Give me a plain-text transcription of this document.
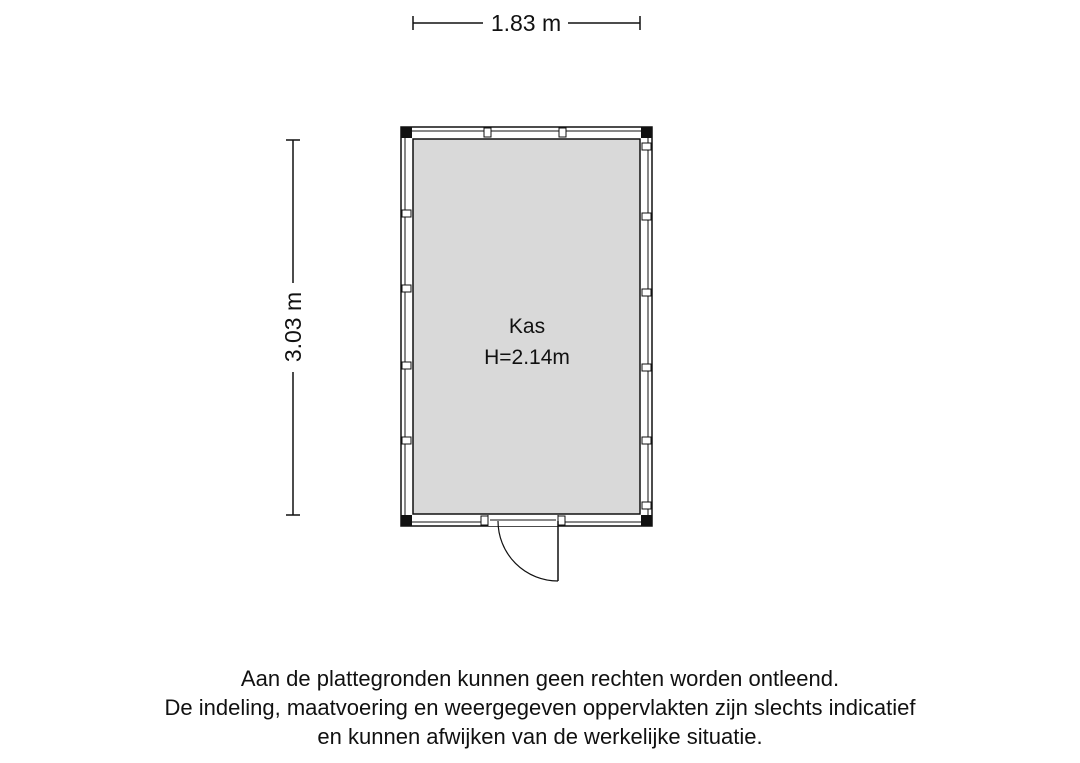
1.83 m
3.03 m	Kas
H=2.14m
Aan de plattegronden kunnen geen rechten worden ontleend.
De indeling, maatvoering en weergegeven oppervlakten zijn slechts indicatief
en kunnen afwijken van de werkelijke situatie.
